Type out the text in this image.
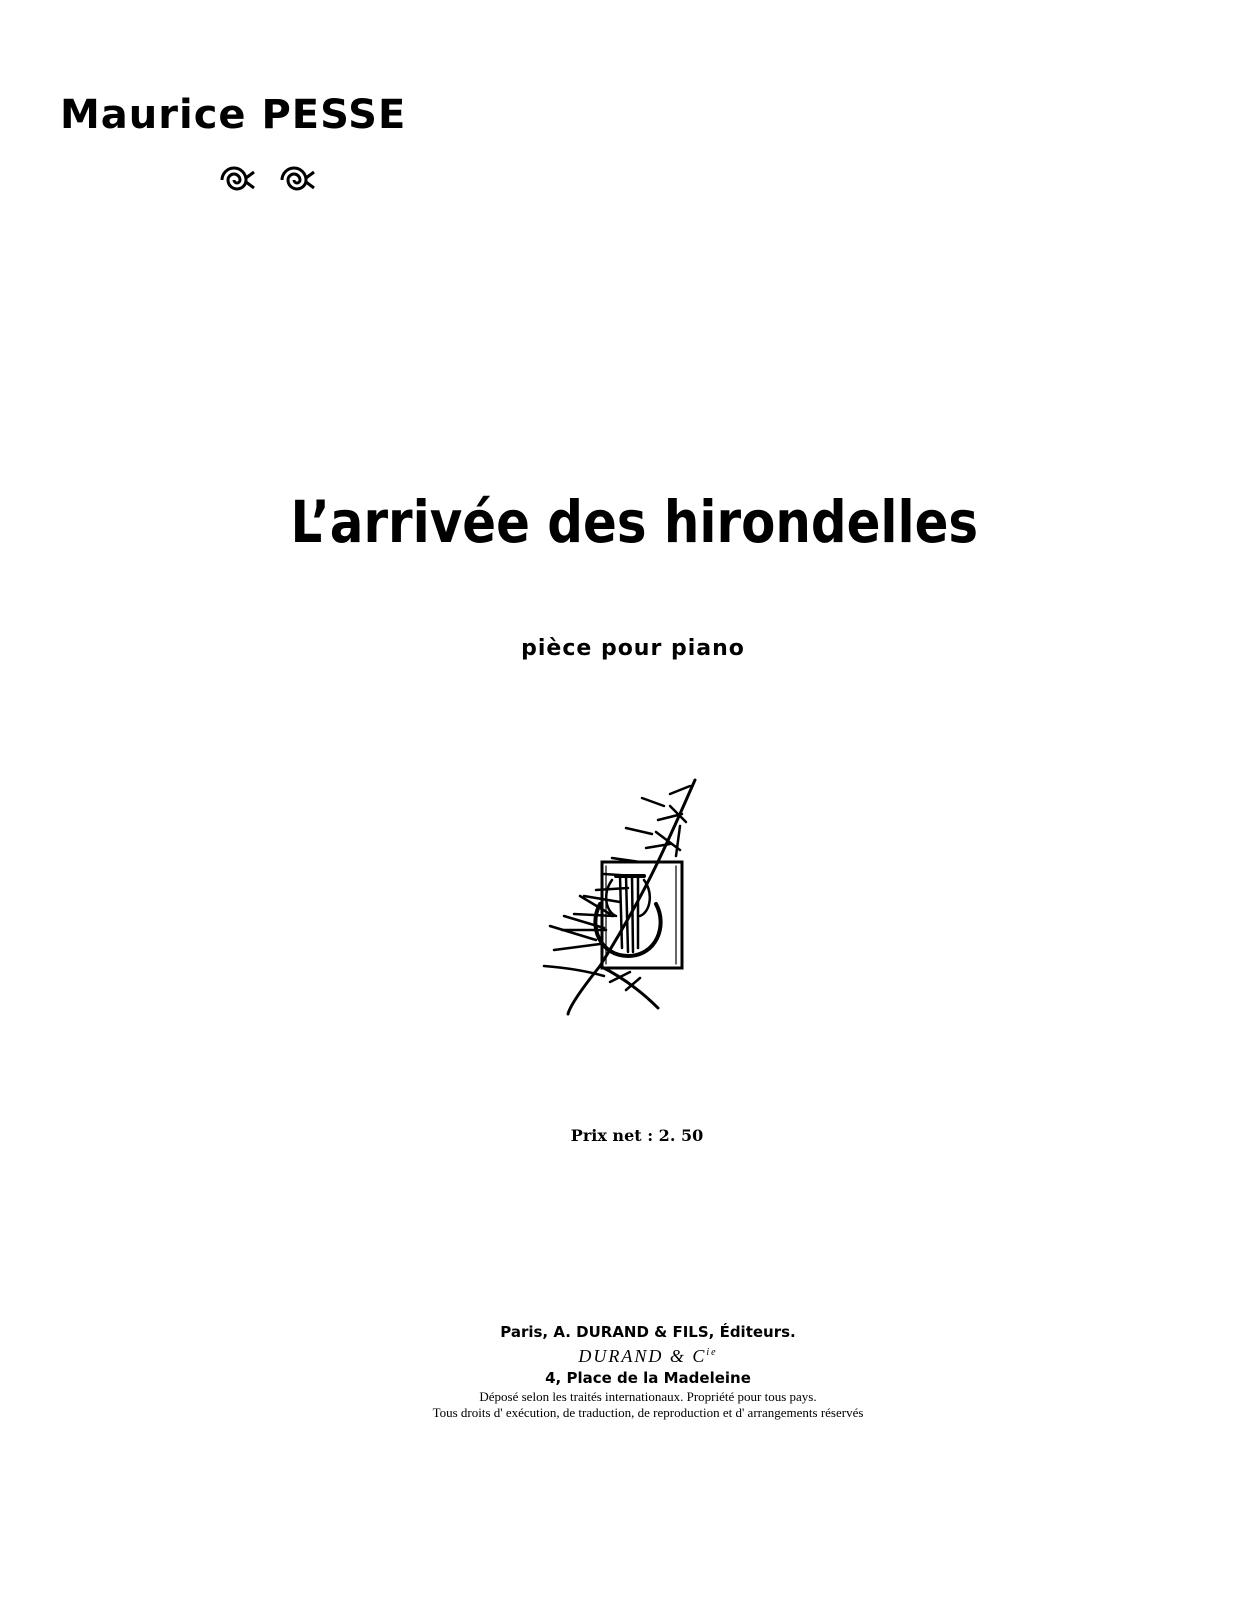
Maurice PESSE
L’arrivée des hirondelles
pièce pour piano
Prix net : 2. 50
Paris, A. DURAND & FILS, Éditeurs.
DURAND & $C^{ie}$
4, Place de la Madeleine
Déposé selon les traités internationaux. Propriété pour tous pays.
Tous droits d' exécution, de traduction, de reproduction et d' arrangements réservés
